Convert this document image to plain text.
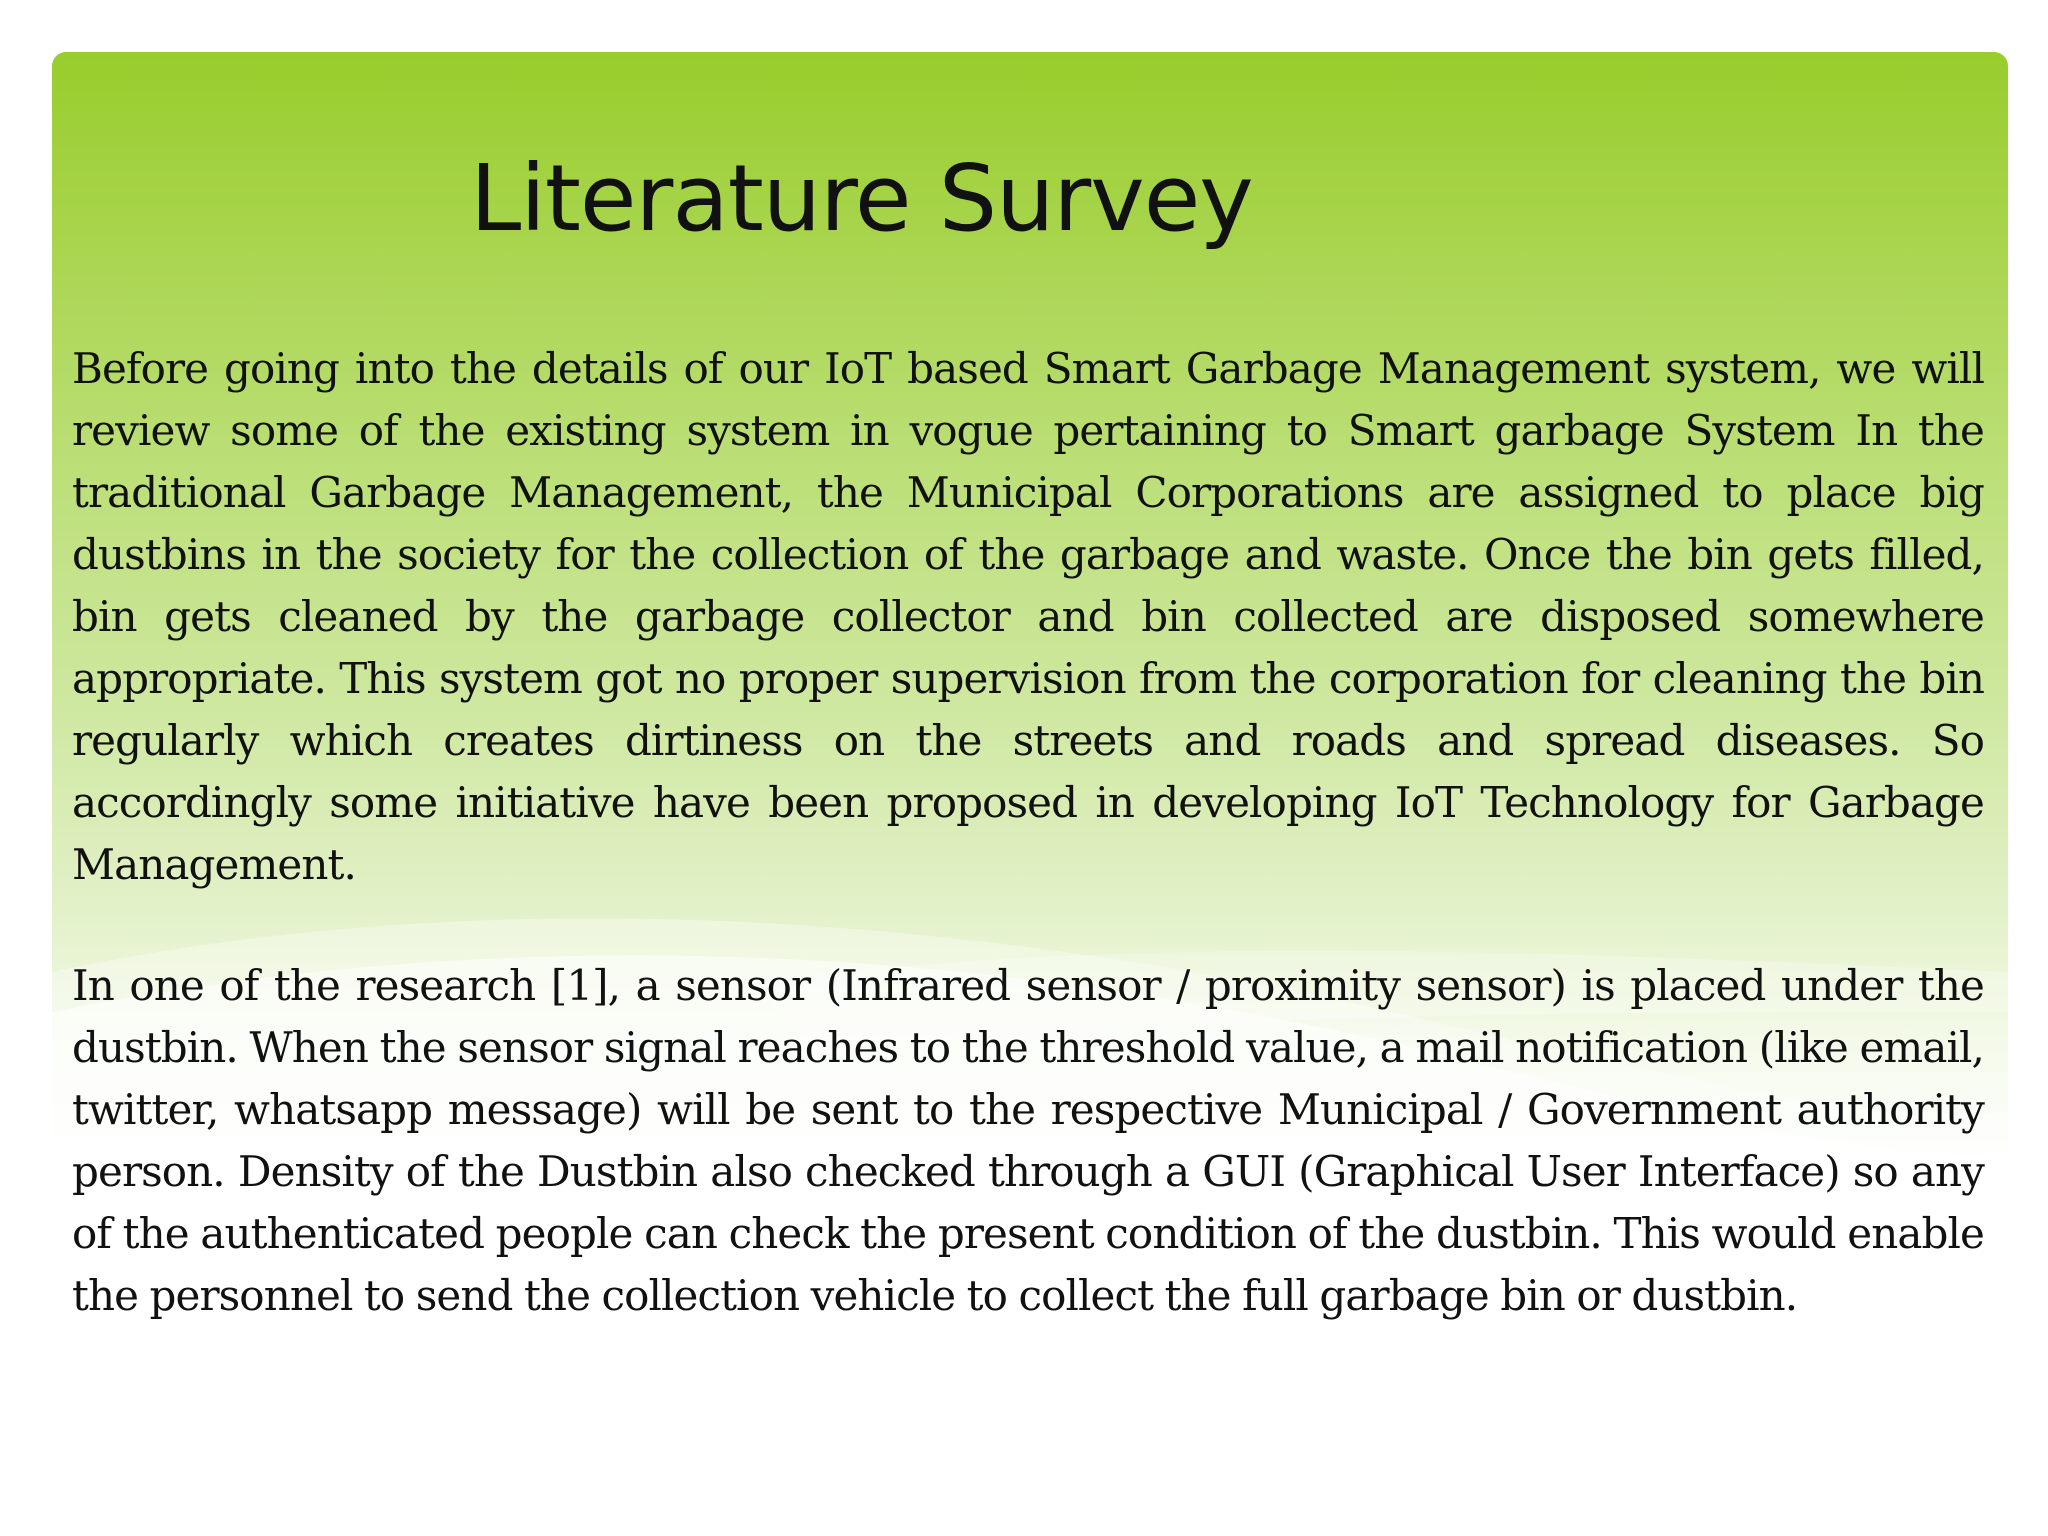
Literature Survey

Before going into the details of our IoT based Smart Garbage Management system, we will review some of the existing system in vogue pertaining to Smart garbage System In the traditional Garbage Management, the Municipal Corporations are assigned to place big dustbins in the society for the collection of the garbage and waste. Once the bin gets filled, bin gets cleaned by the garbage collector and bin collected are disposed somewhere appropriate. This system got no proper supervision from the corporation for cleaning the bin regularly which creates dirtiness on the streets and roads and spread diseases. So accordingly some initiative have been proposed in developing IoT Technology for Garbage Management.

In one of the research [1], a sensor (Infrared sensor / proximity sensor) is placed under the dustbin. When the sensor signal reaches to the threshold value, a mail notification (like email, twitter, whatsapp message) will be sent to the respective Municipal / Government authority person. Density of the Dustbin also checked through a GUI (Graphical User Interface) so any of the authenticated people can check the present condition of the dustbin. This would enable the personnel to send the collection vehicle to collect the full garbage bin or dustbin.
